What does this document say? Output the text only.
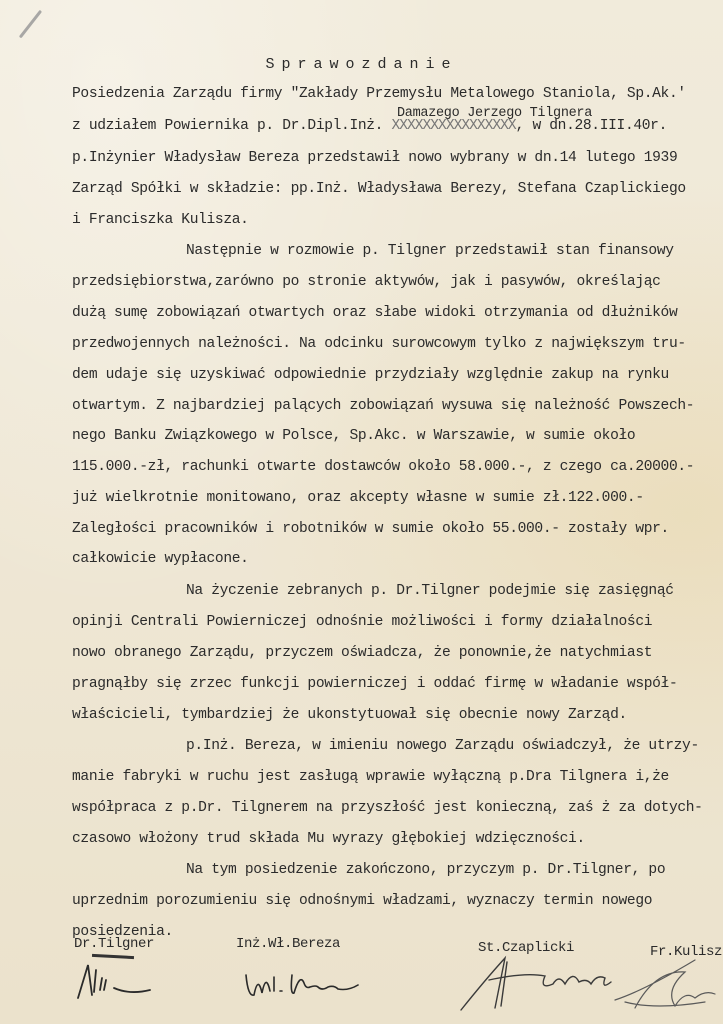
Sprawozdanie
Damazego Jerzego Tilgnera
Posiedzenia Zarządu firmy "Zakłady Przemysłu Metalowego Staniola, Sp.Ak.'
z udziałem Powiernika p. Dr.Dipl.Inż. XXXXXXXXXXXXXXXX, w dn.28.III.40r.
p.Inżynier Władysław Bereza przedstawił nowo wybrany w dn.14 lutego 1939
Zarząd Spółki w składzie: pp.Inż. Władysława Berezy, Stefana Czaplickiego
i Franciszka Kulisza.
Następnie w rozmowie p. Tilgner przedstawił stan finansowy
przedsiębiorstwa,zarówno po stronie aktywów, jak i pasywów, określając
dużą sumę zobowiązań otwartych oraz słabe widoki otrzymania od dłużników
przedwojennych należności. Na odcinku surowcowym tylko z największym tru-
dem udaje się uzyskiwać odpowiednie przydziały względnie zakup na rynku
otwartym. Z najbardziej palących zobowiązań wysuwa się należność Powszech-
nego Banku Związkowego w Polsce, Sp.Akc. w Warszawie, w sumie około
115.000.-zł, rachunki otwarte dostawców około 58.000.-, z czego ca.20000.-
już wielkrotnie monitowano, oraz akcepty własne w sumie zł.122.000.-
Zaległości pracowników i robotników w sumie około 55.000.- zostały wpr.
całkowicie wypłacone.
Na życzenie zebranych p. Dr.Tilgner podejmie się zasięgnąć
opinji Centrali Powierniczej odnośnie możliwości i formy działalności
nowo obranego Zarządu, przyczem oświadcza, że ponownie,że natychmiast
pragnąłby się zrzec funkcji powierniczej i oddać firmę w władanie współ-
właścicieli, tymbardziej że ukonstytuował się obecnie nowy Zarząd.
p.Inż. Bereza, w imieniu nowego Zarządu oświadczył, że utrzy-
manie fabryki w ruchu jest zasługą wprawie wyłączną p.Dra Tilgnera i,że
współpraca z p.Dr. Tilgnerem na przyszłość jest konieczną, zaś ż za dotych-
czasowo włożony trud składa Mu wyrazy głębokiej wdzięczności.
Na tym posiedzenie zakończono, przyczym p. Dr.Tilgner, po
uprzednim porozumieniu się odnośnymi władzami, wyznaczy termin nowego
posiedzenia.
Dr.Tilgner	Inż.Wł.Bereza	St.Czaplicki	Fr.Kulisz
